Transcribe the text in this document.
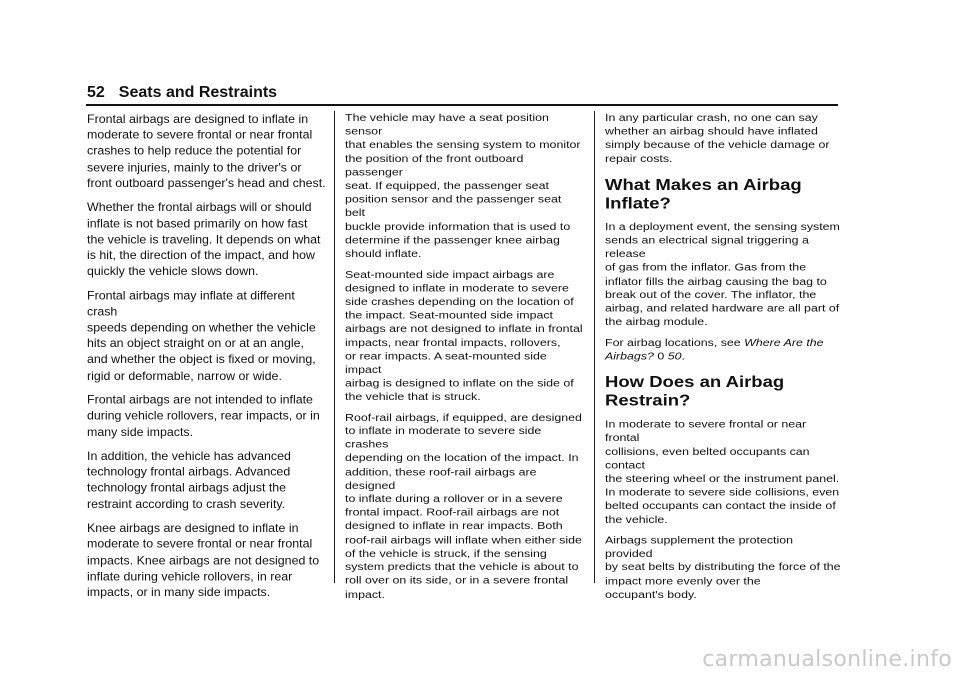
52 Seats and Restraints

Frontal airbags are designed to inflate in
moderate to severe frontal or near frontal
crashes to help reduce the potential for
severe injuries, mainly to the driver's or
front outboard passenger's head and chest.

Whether the frontal airbags will or should
inflate is not based primarily on how fast
the vehicle is traveling. It depends on what
is hit, the direction of the impact, and how
quickly the vehicle slows down.

Frontal airbags may inflate at different crash
speeds depending on whether the vehicle
hits an object straight on or at an angle,
and whether the object is fixed or moving,
rigid or deformable, narrow or wide.

Frontal airbags are not intended to inflate
during vehicle rollovers, rear impacts, or in
many side impacts.

In addition, the vehicle has advanced
technology frontal airbags. Advanced
technology frontal airbags adjust the
restraint according to crash severity.

Knee airbags are designed to inflate in
moderate to severe frontal or near frontal
impacts. Knee airbags are not designed to
inflate during vehicle rollovers, in rear
impacts, or in many side impacts.

The vehicle may have a seat position sensor
that enables the sensing system to monitor
the position of the front outboard passenger
seat. If equipped, the passenger seat
position sensor and the passenger seat belt
buckle provide information that is used to
determine if the passenger knee airbag
should inflate.

Seat-mounted side impact airbags are
designed to inflate in moderate to severe
side crashes depending on the location of
the impact. Seat-mounted side impact
airbags are not designed to inflate in frontal
impacts, near frontal impacts, rollovers,
or rear impacts. A seat-mounted side impact
airbag is designed to inflate on the side of
the vehicle that is struck.

Roof-rail airbags, if equipped, are designed
to inflate in moderate to severe side crashes
depending on the location of the impact. In
addition, these roof-rail airbags are designed
to inflate during a rollover or in a severe
frontal impact. Roof-rail airbags are not
designed to inflate in rear impacts. Both
roof-rail airbags will inflate when either side
of the vehicle is struck, if the sensing
system predicts that the vehicle is about to
roll over on its side, or in a severe frontal
impact.

In any particular crash, no one can say
whether an airbag should have inflated
simply because of the vehicle damage or
repair costs.

What Makes an Airbag Inflate?

In a deployment event, the sensing system
sends an electrical signal triggering a release
of gas from the inflator. Gas from the
inflator fills the airbag causing the bag to
break out of the cover. The inflator, the
airbag, and related hardware are all part of
the airbag module.

For airbag locations, see Where Are the
Airbags? 0 50.

How Does an Airbag Restrain?

In moderate to severe frontal or near frontal
collisions, even belted occupants can contact
the steering wheel or the instrument panel.
In moderate to severe side collisions, even
belted occupants can contact the inside of
the vehicle.

Airbags supplement the protection provided
by seat belts by distributing the force of the
impact more evenly over the
occupant's body.

carmanualsonline.info
